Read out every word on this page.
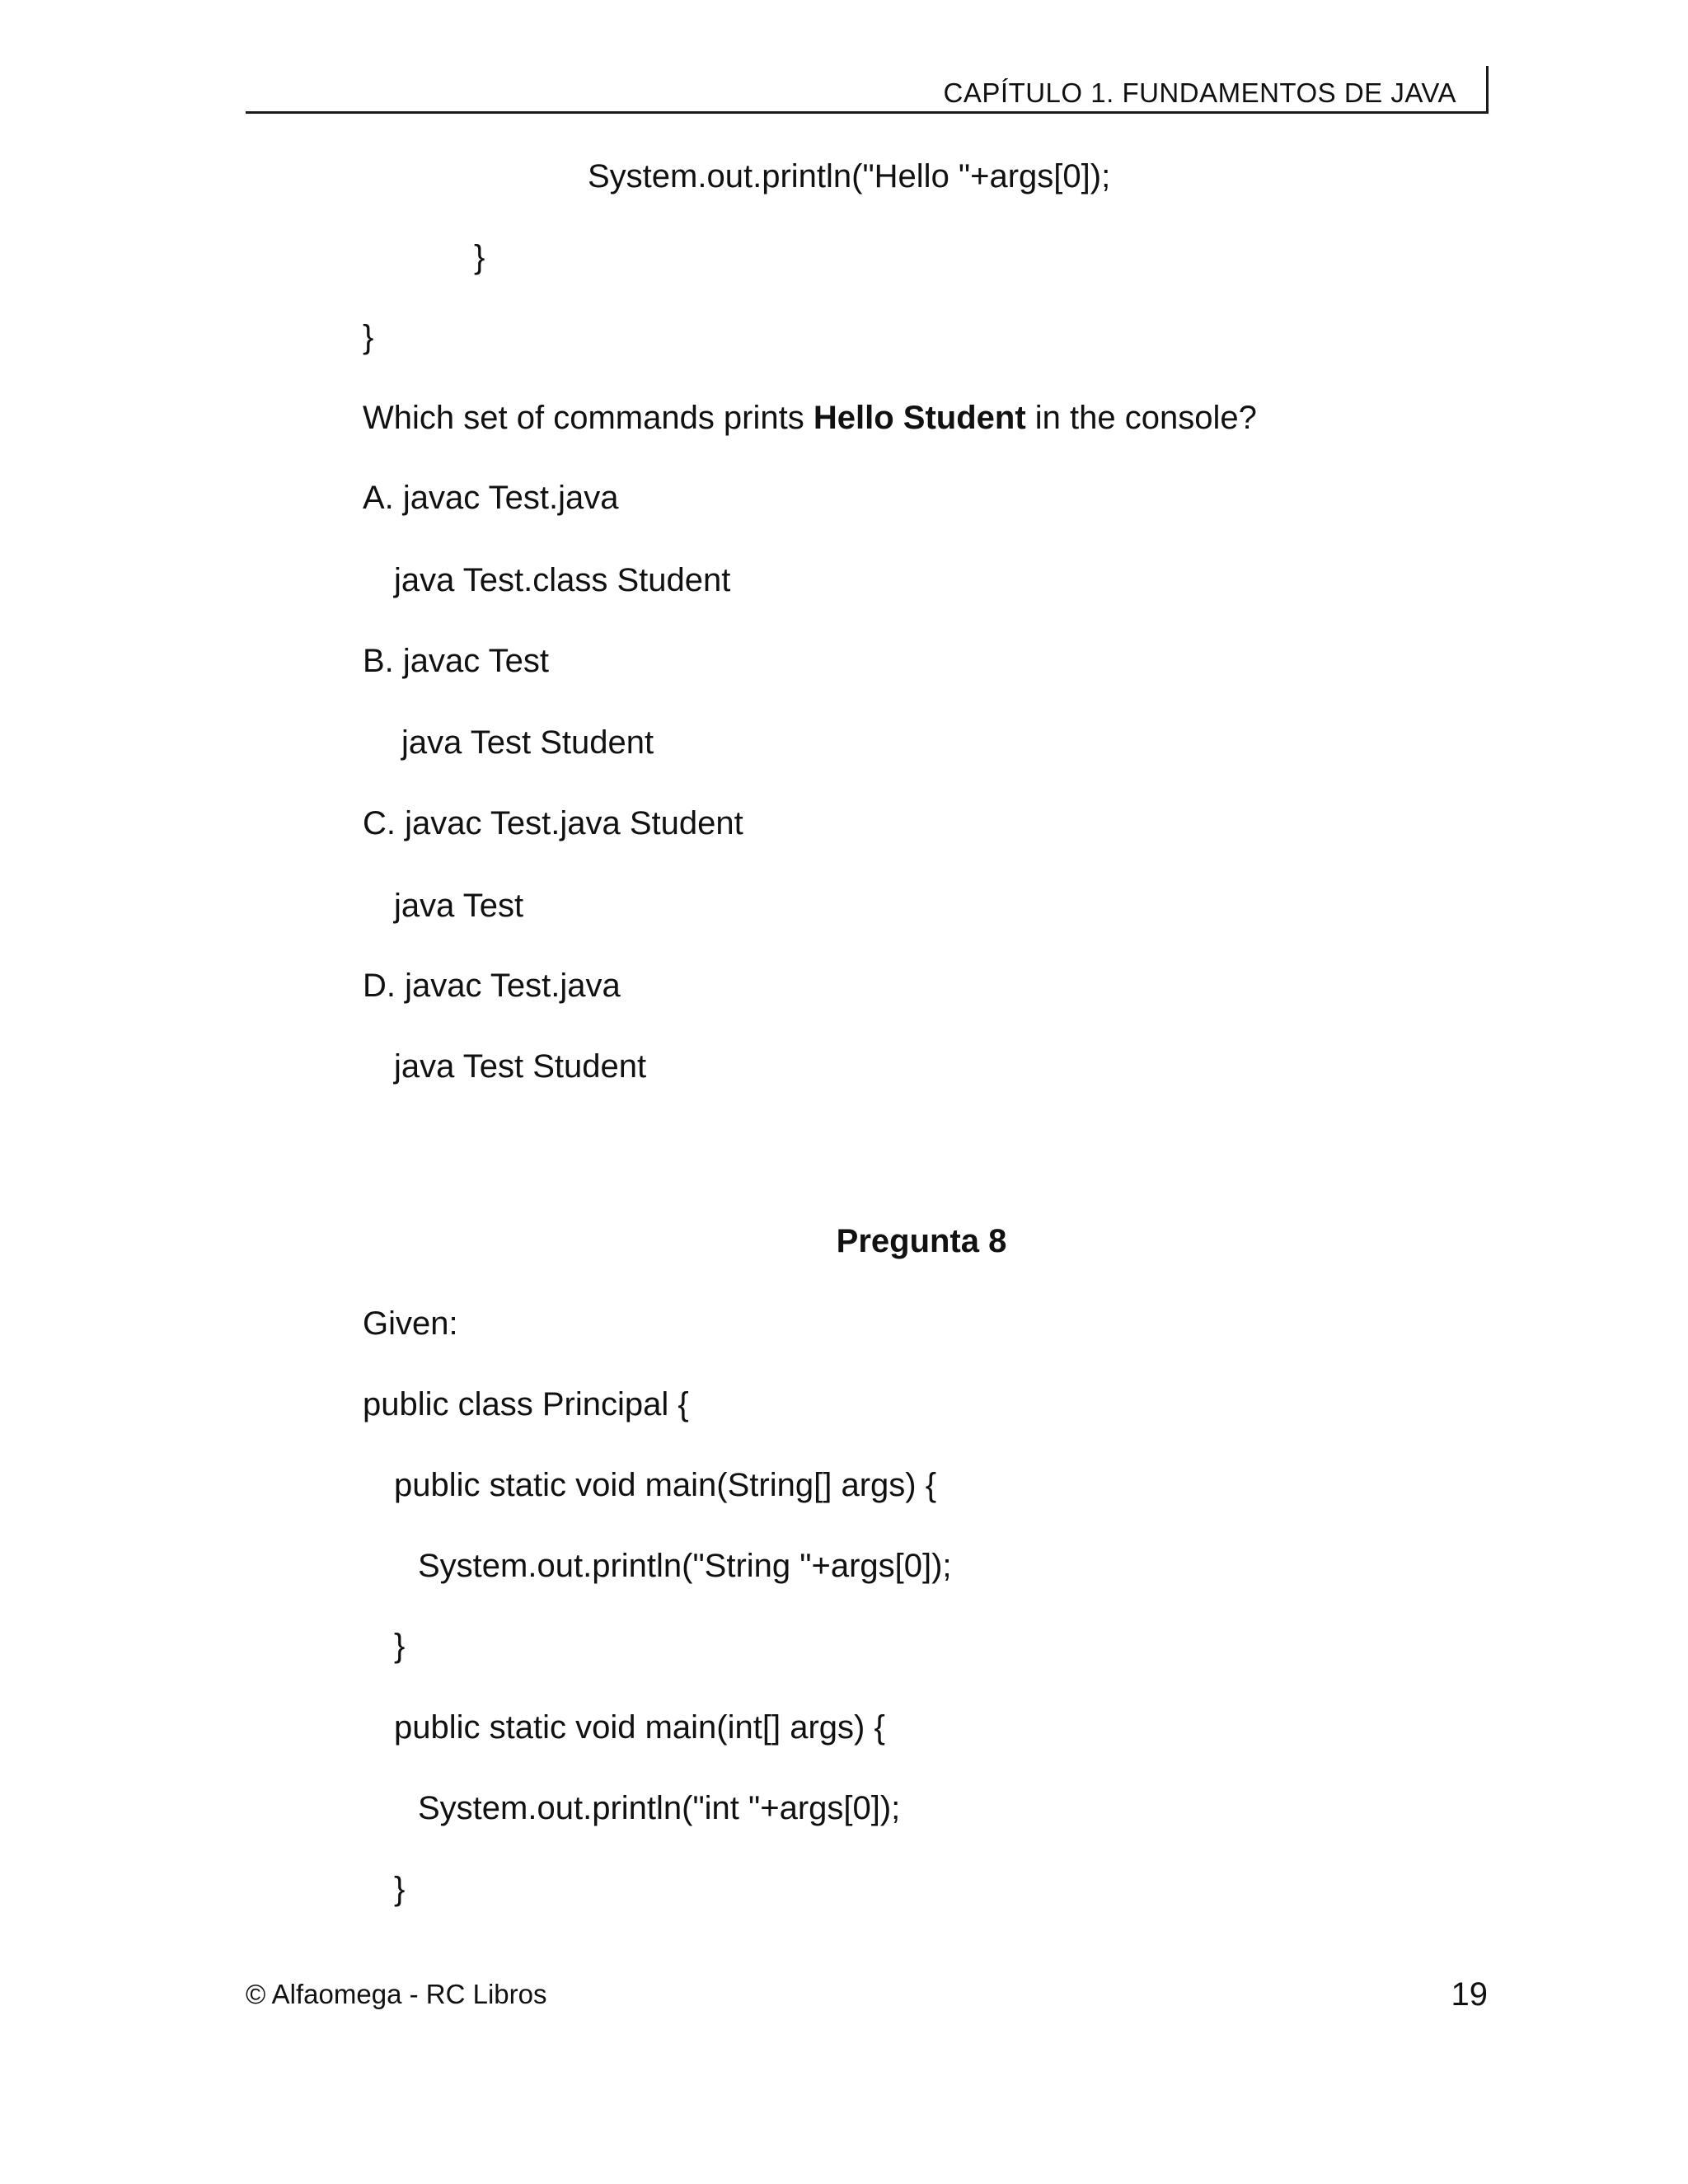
CAPÍTULO 1. FUNDAMENTOS DE JAVA
System.out.println("Hello "+args[0]);
}
}
Which set of commands prints Hello Student in the console?
A. javac Test.java
java Test.class Student
B. javac Test
java Test Student
C. javac Test.java Student
java Test
D. javac Test.java
java Test Student
Pregunta 8
Given:
public class Principal {
public static void main(String[] args) {
System.out.println("String "+args[0]);
}
public static void main(int[] args) {
System.out.println("int "+args[0]);
}
© Alfaomega - RC Libros	19
